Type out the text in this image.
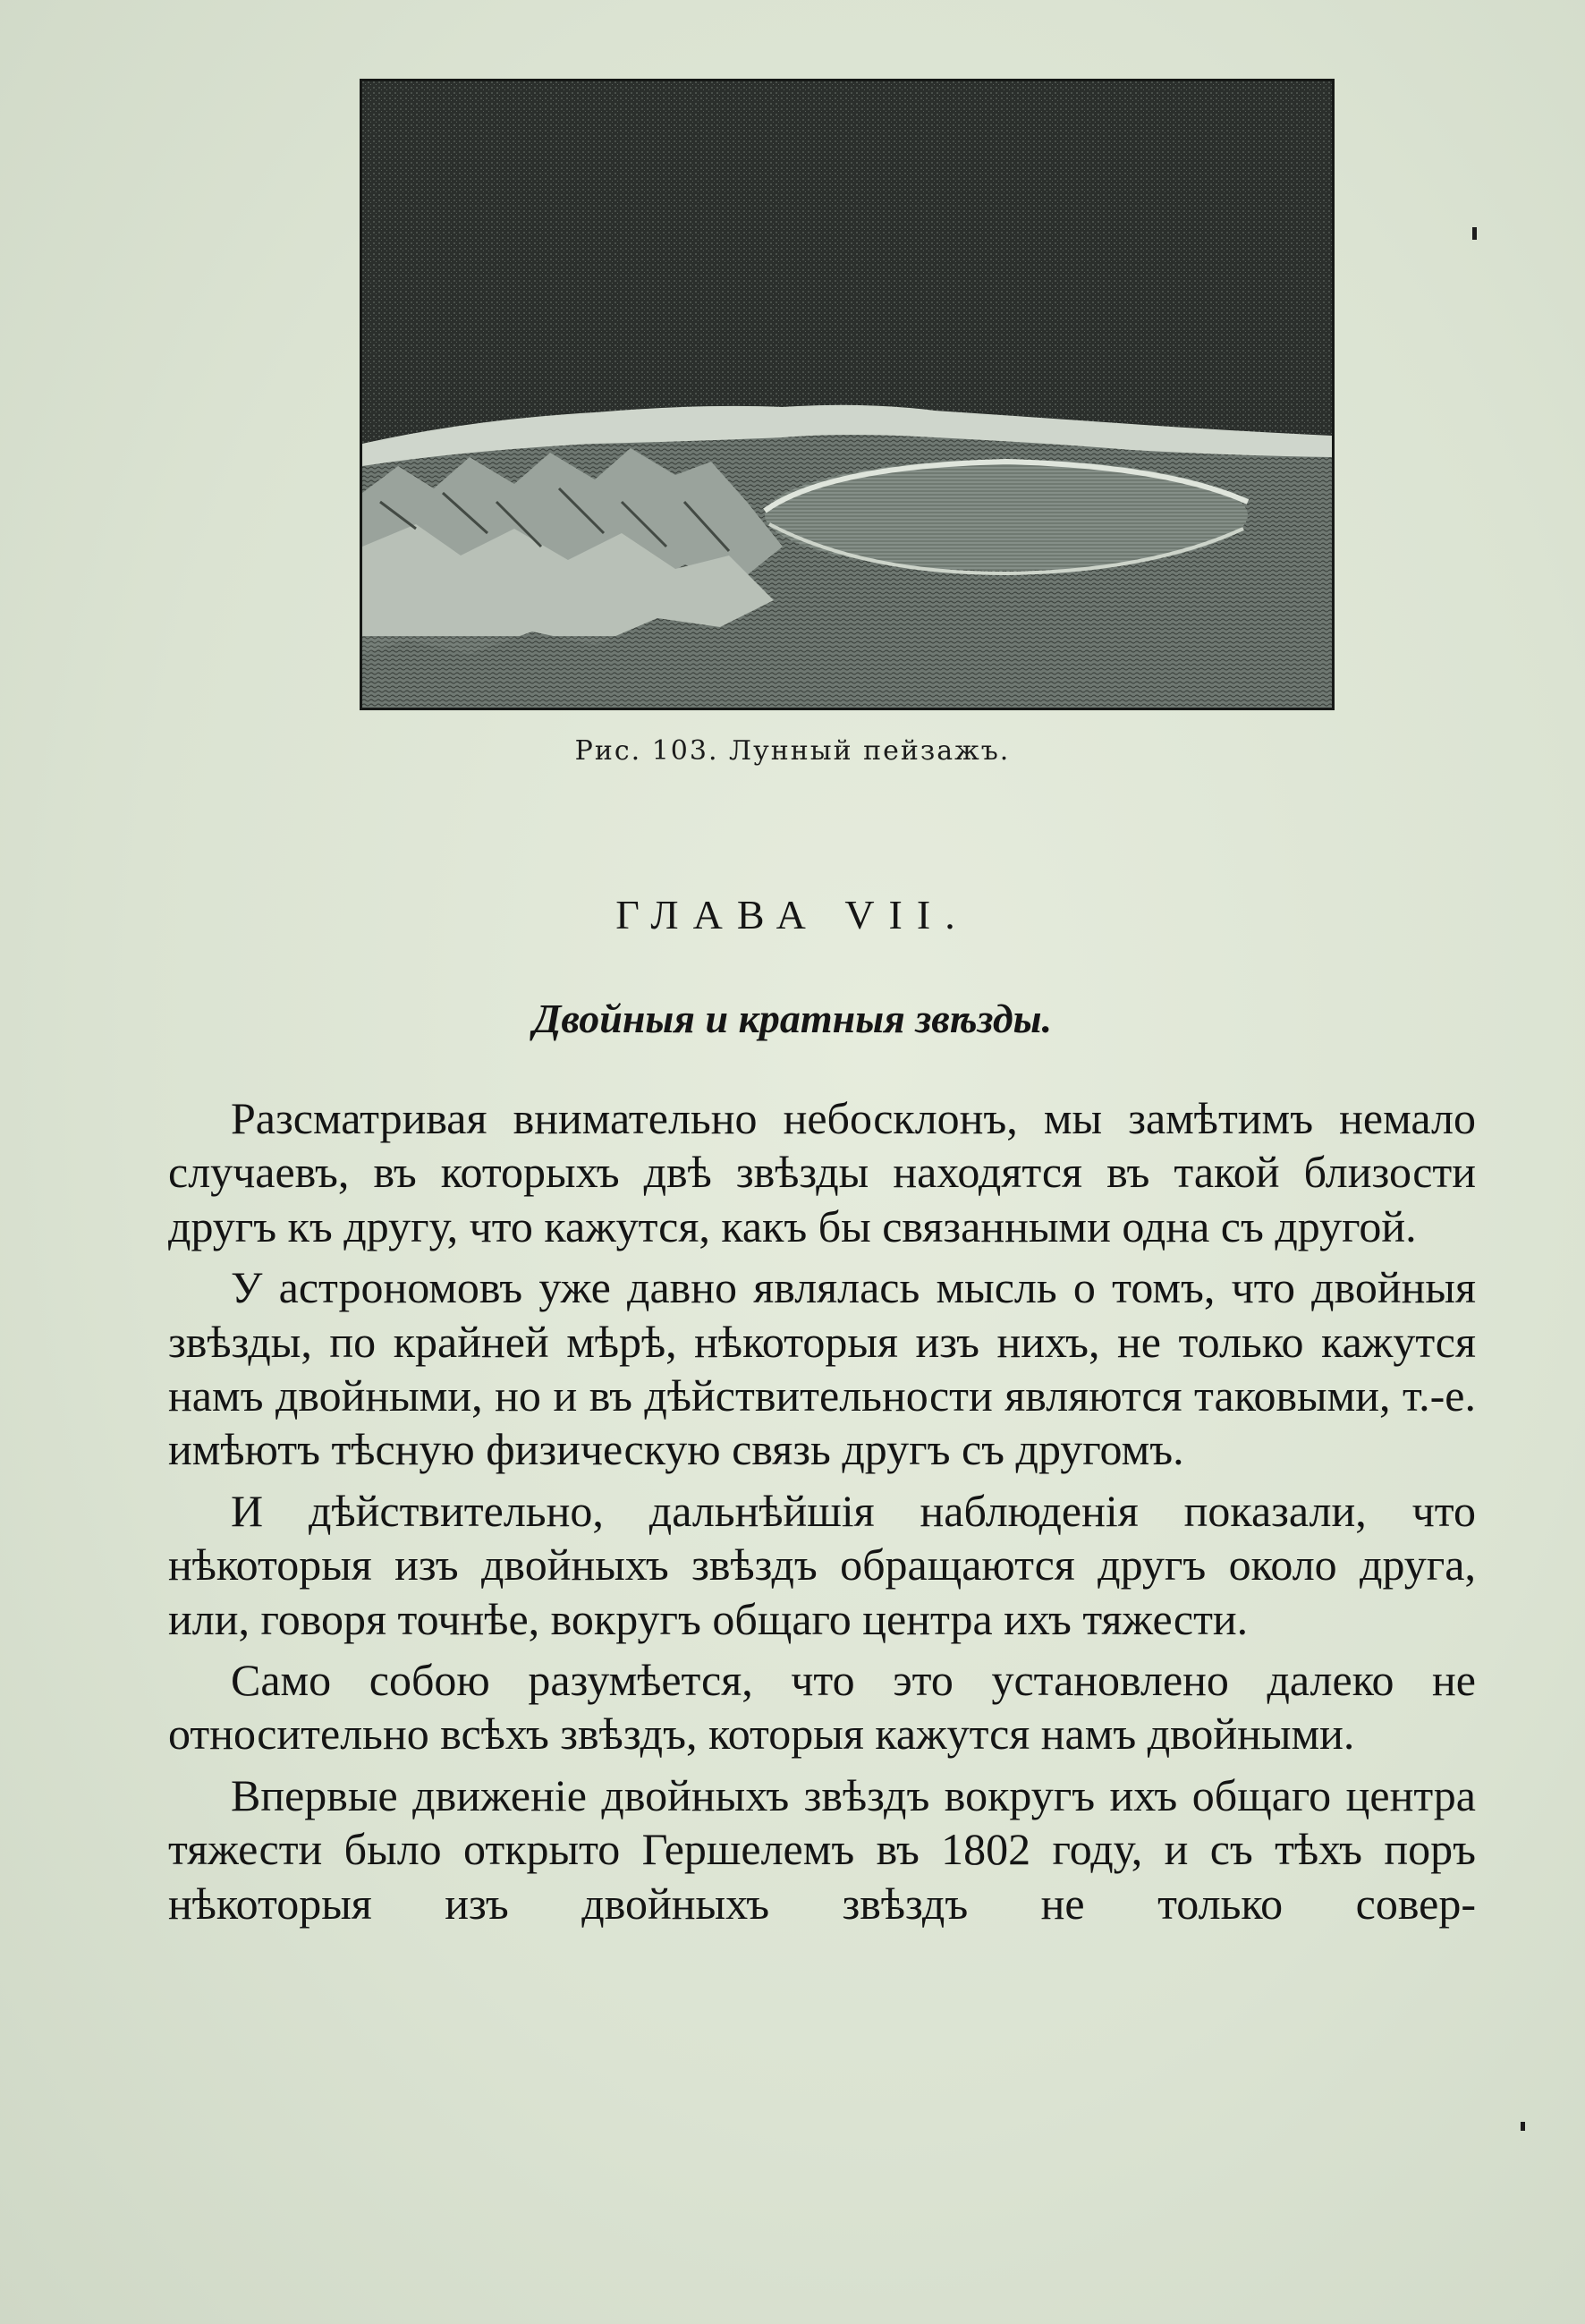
Рис. 103. Лунный пейзажъ.
ГЛАВА VII.
Двойныя и кратныя звѣзды.

Разсматривая внимательно небосклонъ, мы замѣтимъ немало случаевъ, въ которыхъ двѣ звѣзды находятся въ такой близости другъ къ другу, что кажутся, какъ бы связанными одна съ другой.

У астрономовъ уже давно являлась мысль о томъ, что двойныя звѣзды, по крайней мѣрѣ, нѣкоторыя изъ нихъ, не только кажутся намъ двойными, но и въ дѣйствительности являются таковыми, т.-е. имѣютъ тѣсную физическую связь другъ съ другомъ.

И дѣйствительно, дальнѣйшія наблюденія показали, что нѣкоторыя изъ двойныхъ звѣздъ обращаются другъ около друга, или, говоря точнѣе, вокругъ общаго центра ихъ тяжести.

Само собою разумѣется, что это установлено далеко не относительно всѣхъ звѣздъ, которыя кажутся намъ двойными.

Впервые движеніе двойныхъ звѣздъ вокругъ ихъ общаго центра тяжести было открыто Гершелемъ въ 1802 году, и съ тѣхъ поръ нѣкоторыя изъ двойныхъ звѣздъ не только совер-
